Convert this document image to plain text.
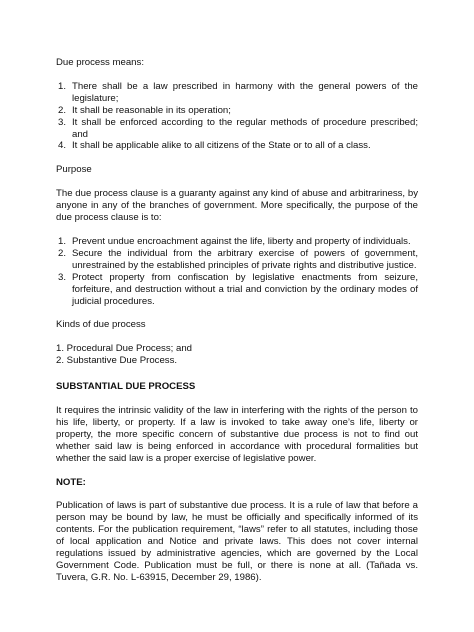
Due process means:

1. There shall be a law prescribed in harmony with the general powers of the legislature;
2. It shall be reasonable in its operation;
3. It shall be enforced according to the regular methods of procedure prescribed; and
4. It shall be applicable alike to all citizens of the State or to all of a class.

Purpose

The due process clause is a guaranty against any kind of abuse and arbitrariness, by anyone in any of the branches of government. More specifically, the purpose of the due process clause is to:

1. Prevent undue encroachment against the life, liberty and property of individuals.
2. Secure the individual from the arbitrary exercise of powers of government, unrestrained by the established principles of private rights and distributive justice.
3. Protect property from confiscation by legislative enactments from seizure, forfeiture, and destruction without a trial and conviction by the ordinary modes of judicial procedures.

Kinds of due process

1. Procedural Due Process; and
2. Substantive Due Process.

SUBSTANTIAL DUE PROCESS

It requires the intrinsic validity of the law in interfering with the rights of the person to his life, liberty, or property. If a law is invoked to take away one’s life, liberty or property, the more specific concern of substantive due process is not to find out whether said law is being enforced in accordance with procedural formalities but whether the said law is a proper exercise of legislative power.

NOTE:

Publication of laws is part of substantive due process. It is a rule of law that before a person may be bound by law, he must be officially and specifically informed of its contents. For the publication requirement, “laws” refer to all statutes, including those of local application and Notice and private laws. This does not cover internal regulations issued by administrative agencies, which are governed by the Local Government Code. Publication must be full, or there is none at all. (Tañada vs. Tuvera, G.R. No. L-63915, December 29, 1986).
